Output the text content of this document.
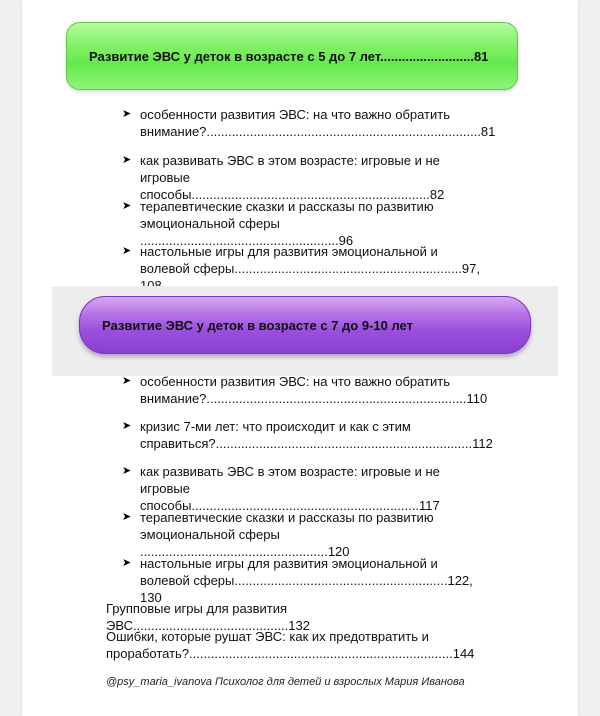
Развитие ЭВС у деток в возрасте с 5 до 7 лет..........................81
➤ особенности развития ЭВС: на что важно обратить
внимание?............................................................................81
➤ как развивать ЭВС в этом возрасте: игровые и не
игровые способы..................................................................82
➤ терапевтические сказки и рассказы по развитию
эмоциональной сферы .......................................................96
➤ настольные игры для развития эмоциональной и
волевой сферы...............................................................97,
Развитие ЭВС у деток в возрасте с 7 до 9-10 лет
➤ особенности развития ЭВС: на что важно обратить
внимание?........................................................................110
➤ кризис 7-ми лет: что происходит и как с этим
справиться?.......................................................................112
➤ как развивать ЭВС в этом возрасте: игровые и не
игровые способы...............................................................117
➤ терапевтические сказки и рассказы по развитию
эмоциональной сферы ....................................................120
➤ настольные игры для развития эмоциональной и
волевой сферы...........................................................122, 130
Групповые игры для развития ЭВС...........................................132
Ошибки, которые рушат ЭВС: как их предотвратить и
проработать?.........................................................................144
@psy_maria_ivanova Психолог для детей и взрослых Мария Иванова
